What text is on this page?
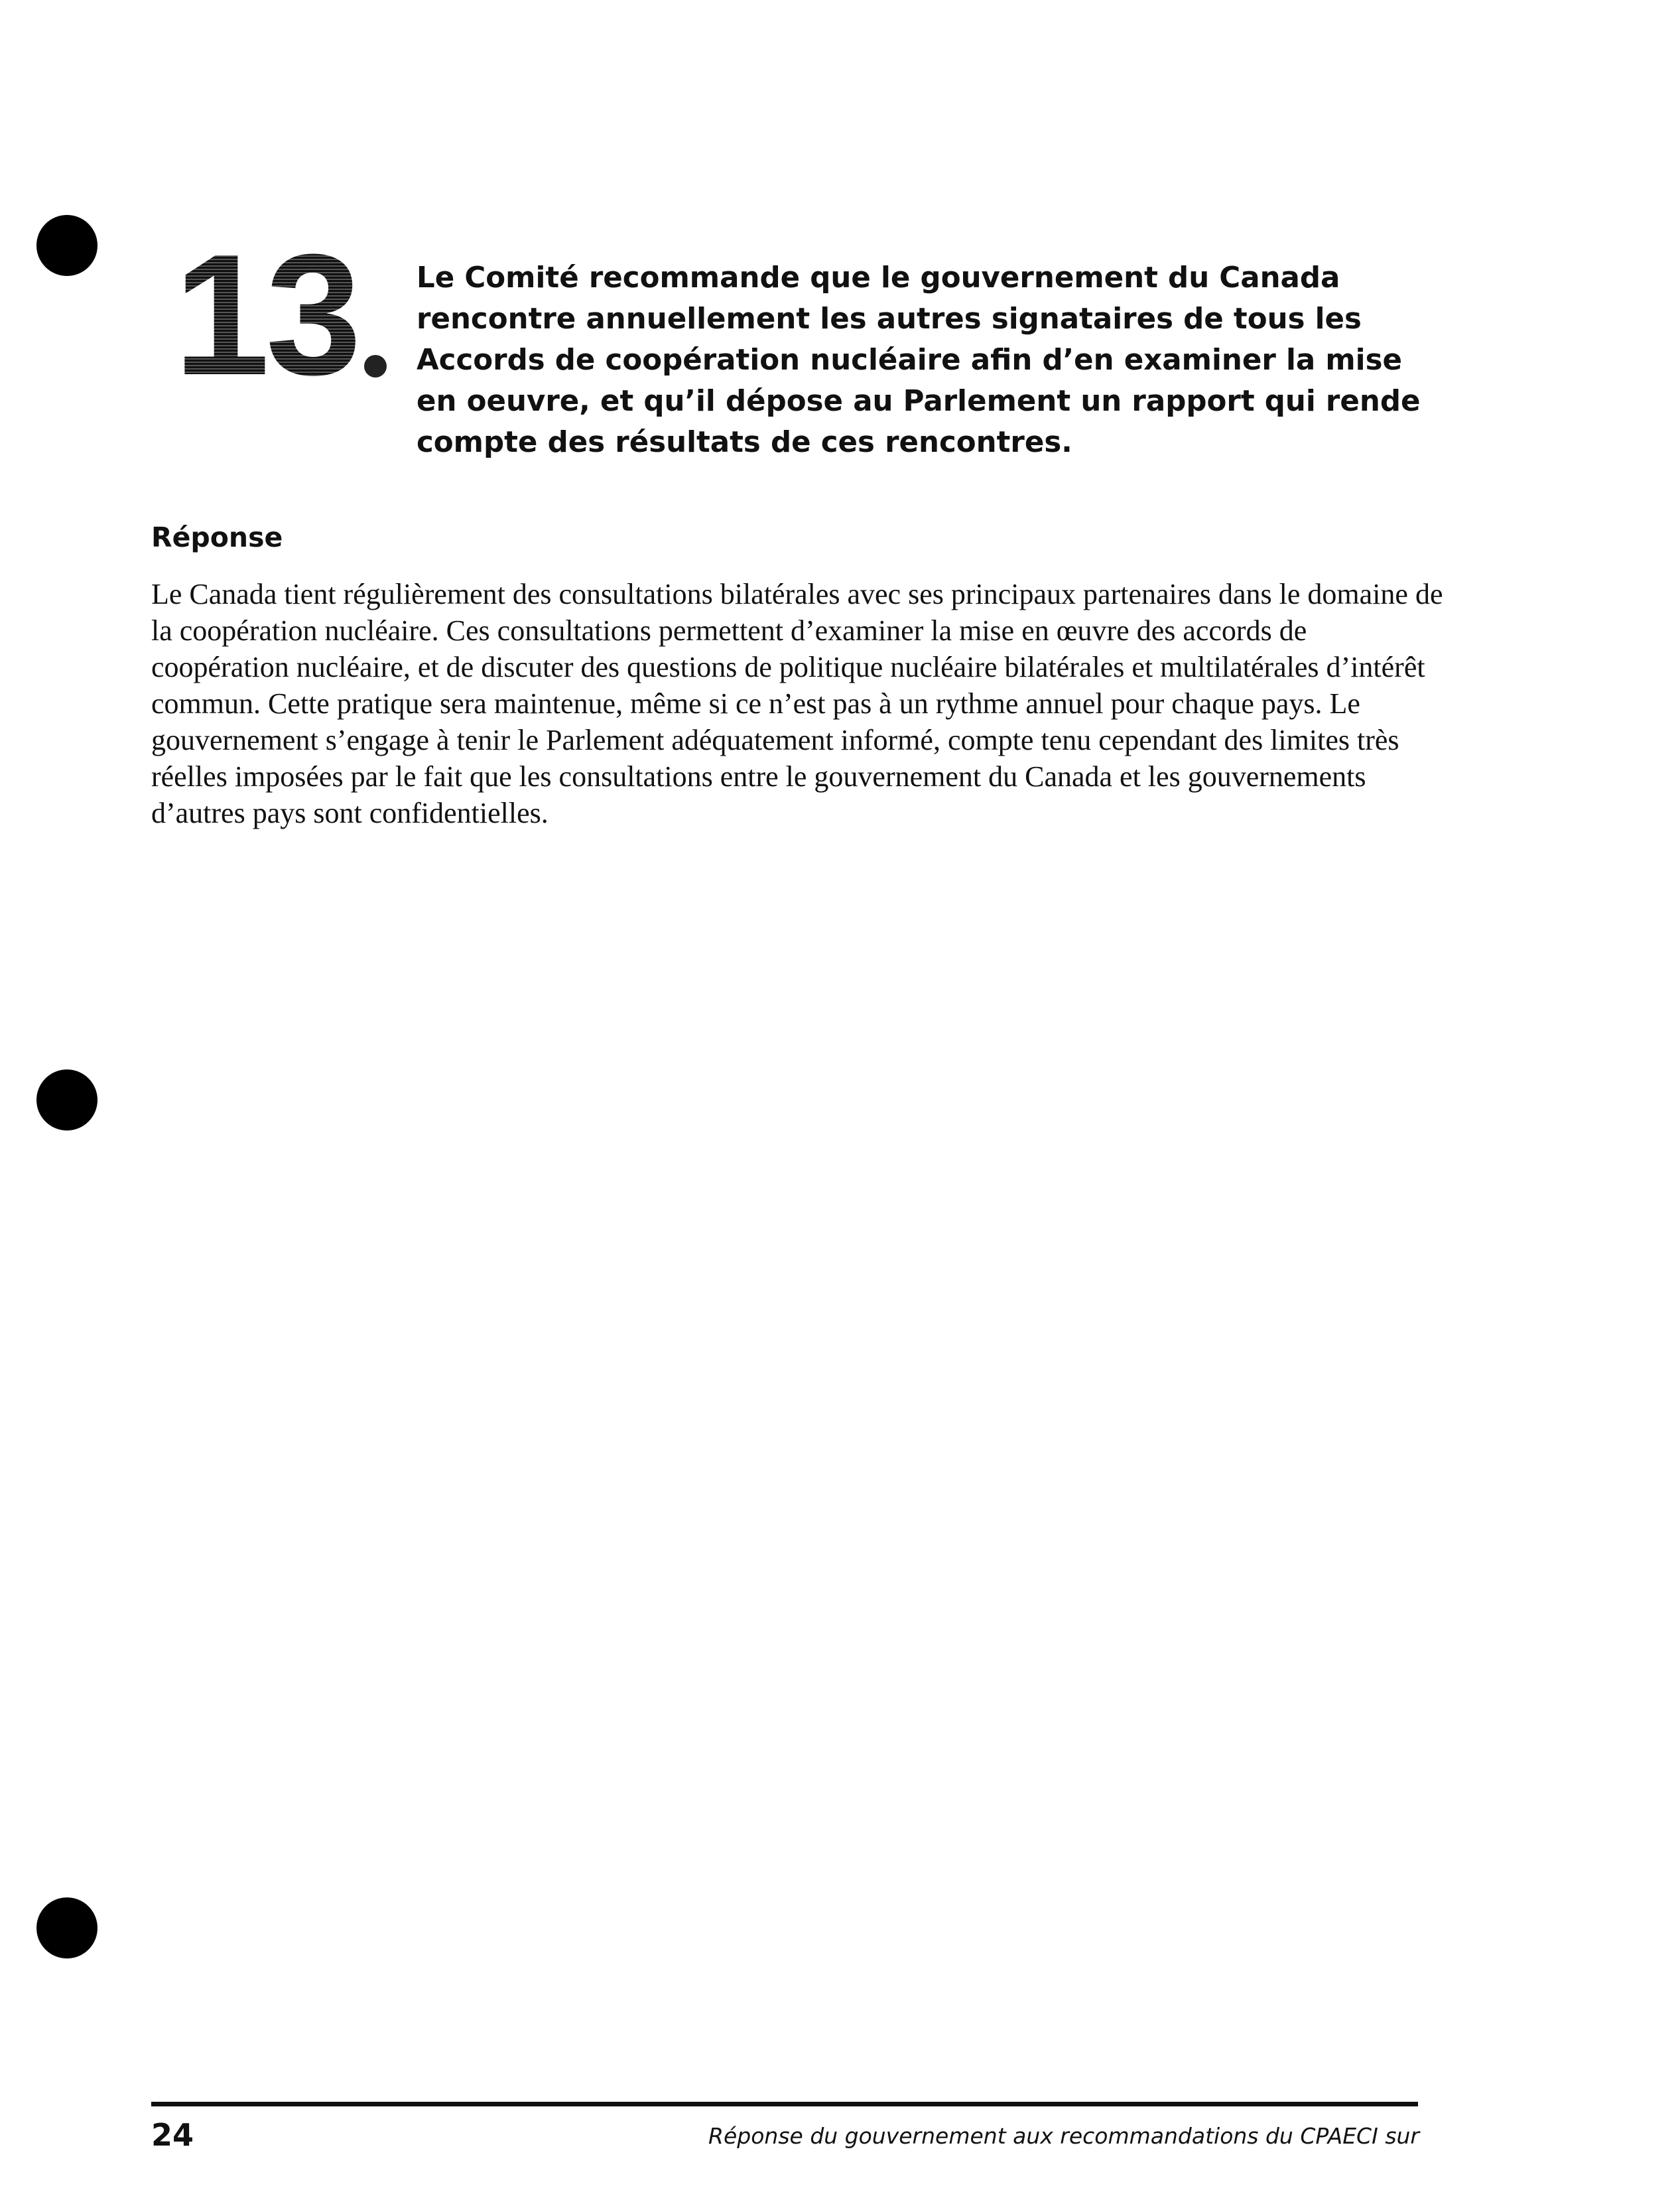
13 Le Comité recommande que le gouvernement du Canada rencontre annuellement les autres signataires de tous les Accords de coopération nucléaire afin d’en examiner la mise en oeuvre, et qu’il dépose au Parlement un rapport qui rende compte des résultats de ces rencontres.

Réponse

Le Canada tient régulièrement des consultations bilatérales avec ses principaux partenaires dans le domaine de la coopération nucléaire. Ces consultations permettent d’examiner la mise en œuvre des accords de coopération nucléaire, et de discuter des questions de politique nucléaire bilatérales et multilatérales d’intérêt commun. Cette pratique sera maintenue, même si ce n’est pas à un rythme annuel pour chaque pays. Le gouvernement s’engage à tenir le Parlement adéquatement informé, compte tenu cependant des limites très réelles imposées par le fait que les consultations entre le gouvernement du Canada et les gouvernements d’autres pays sont confidentielles.

24	Réponse du gouvernement aux recommandations du CPAECI sur
